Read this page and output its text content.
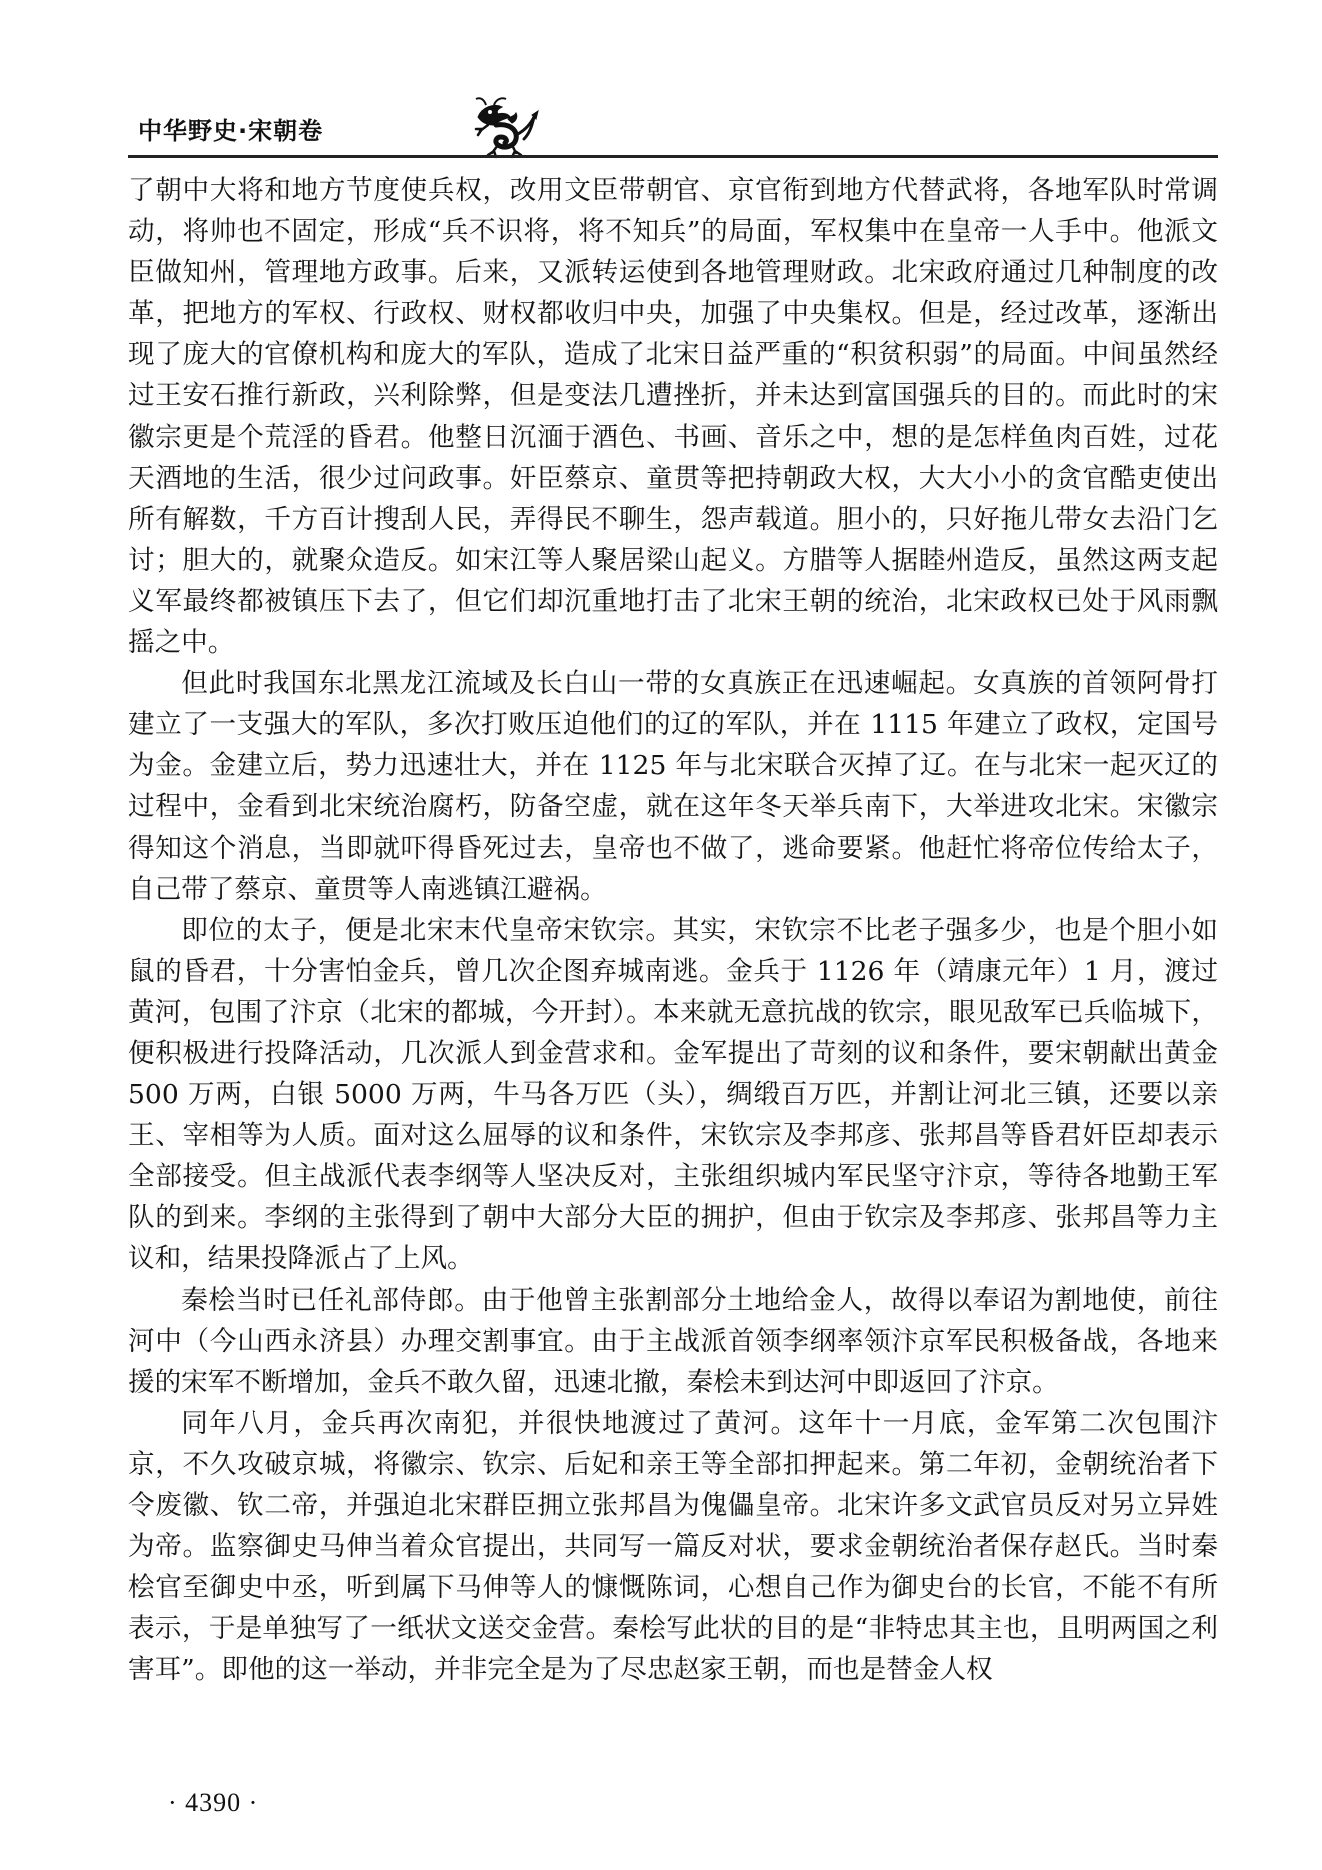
中华野史·宋朝卷

了朝中大将和地方节度使兵权，改用文臣带朝官、京官衔到地方代替武将，各地军队时常调动，将帅也不固定，形成“兵不识将，将不知兵”的局面，军权集中在皇帝一人手中。他派文臣做知州，管理地方政事。后来，又派转运使到各地管理财政。北宋政府通过几种制度的改革，把地方的军权、行政权、财权都收归中央，加强了中央集权。但是，经过改革，逐渐出现了庞大的官僚机构和庞大的军队，造成了北宋日益严重的“积贫积弱”的局面。中间虽然经过王安石推行新政，兴利除弊，但是变法几遭挫折，并未达到富国强兵的目的。而此时的宋徽宗更是个荒淫的昏君。他整日沉湎于酒色、书画、音乐之中，想的是怎样鱼肉百姓，过花天酒地的生活，很少过问政事。奸臣蔡京、童贯等把持朝政大权，大大小小的贪官酷吏使出所有解数，千方百计搜刮人民，弄得民不聊生，怨声载道。胆小的，只好拖儿带女去沿门乞讨；胆大的，就聚众造反。如宋江等人聚居梁山起义。方腊等人据睦州造反，虽然这两支起义军最终都被镇压下去了，但它们却沉重地打击了北宋王朝的统治，北宋政权已处于风雨飘摇之中。

但此时我国东北黑龙江流域及长白山一带的女真族正在迅速崛起。女真族的首领阿骨打建立了一支强大的军队，多次打败压迫他们的辽的军队，并在 1115 年建立了政权，定国号为金。金建立后，势力迅速壮大，并在 1125 年与北宋联合灭掉了辽。在与北宋一起灭辽的过程中，金看到北宋统治腐朽，防备空虚，就在这年冬天举兵南下，大举进攻北宋。宋徽宗得知这个消息，当即就吓得昏死过去，皇帝也不做了，逃命要紧。他赶忙将帝位传给太子，自己带了蔡京、童贯等人南逃镇江避祸。

即位的太子，便是北宋末代皇帝宋钦宗。其实，宋钦宗不比老子强多少，也是个胆小如鼠的昏君，十分害怕金兵，曾几次企图弃城南逃。金兵于 1126 年（靖康元年）1 月，渡过黄河，包围了汴京（北宋的都城，今开封）。本来就无意抗战的钦宗，眼见敌军已兵临城下，便积极进行投降活动，几次派人到金营求和。金军提出了苛刻的议和条件，要宋朝献出黄金 500 万两，白银 5000 万两，牛马各万匹（头），绸缎百万匹，并割让河北三镇，还要以亲王、宰相等为人质。面对这么屈辱的议和条件，宋钦宗及李邦彦、张邦昌等昏君奸臣却表示全部接受。但主战派代表李纲等人坚决反对，主张组织城内军民坚守汴京，等待各地勤王军队的到来。李纲的主张得到了朝中大部分大臣的拥护，但由于钦宗及李邦彦、张邦昌等力主议和，结果投降派占了上风。

秦桧当时已任礼部侍郎。由于他曾主张割部分土地给金人，故得以奉诏为割地使，前往河中（今山西永济县）办理交割事宜。由于主战派首领李纲率领汴京军民积极备战，各地来援的宋军不断增加，金兵不敢久留，迅速北撤，秦桧未到达河中即返回了汴京。

同年八月，金兵再次南犯，并很快地渡过了黄河。这年十一月底，金军第二次包围汴京，不久攻破京城，将徽宗、钦宗、后妃和亲王等全部扣押起来。第二年初，金朝统治者下令废徽、钦二帝，并强迫北宋群臣拥立张邦昌为傀儡皇帝。北宋许多文武官员反对另立异姓为帝。监察御史马伸当着众官提出，共同写一篇反对状，要求金朝统治者保存赵氏。当时秦桧官至御史中丞，听到属下马伸等人的慷慨陈词，心想自己作为御史台的长官，不能不有所表示，于是单独写了一纸状文送交金营。秦桧写此状的目的是“非特忠其主也，且明两国之利害耳”。即他的这一举动，并非完全是为了尽忠赵家王朝，而也是替金人权

· 4390 ·
